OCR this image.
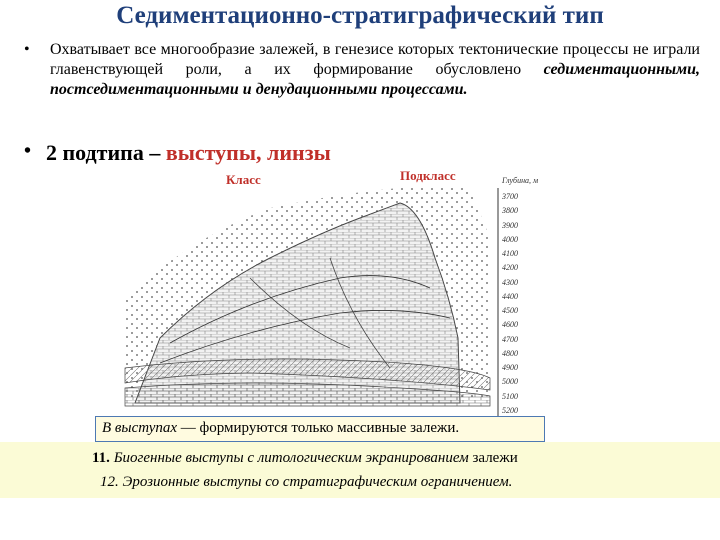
Седиментационно-стратиграфический тип
• Охватывает все многообразие залежей, в генезисе которых тектонические процессы не играли главенствующей роли, а их формирование обусловлено седиментационными, постседиментационными и денудационными процессами.
• 2 подтипа – выступы, линзы
Класс	Подкласс	Глубина, м
3700
3800
3900
4000
4100
4200
4300
4400
4500
4600
4700
4800
4900
5000
5100
5200
В выступах — формируются только массивные залежи.
11. Биогенные выступы с литологическим экранированием залежи
12. Эрозионные выступы со стратиграфическим ограничением.
